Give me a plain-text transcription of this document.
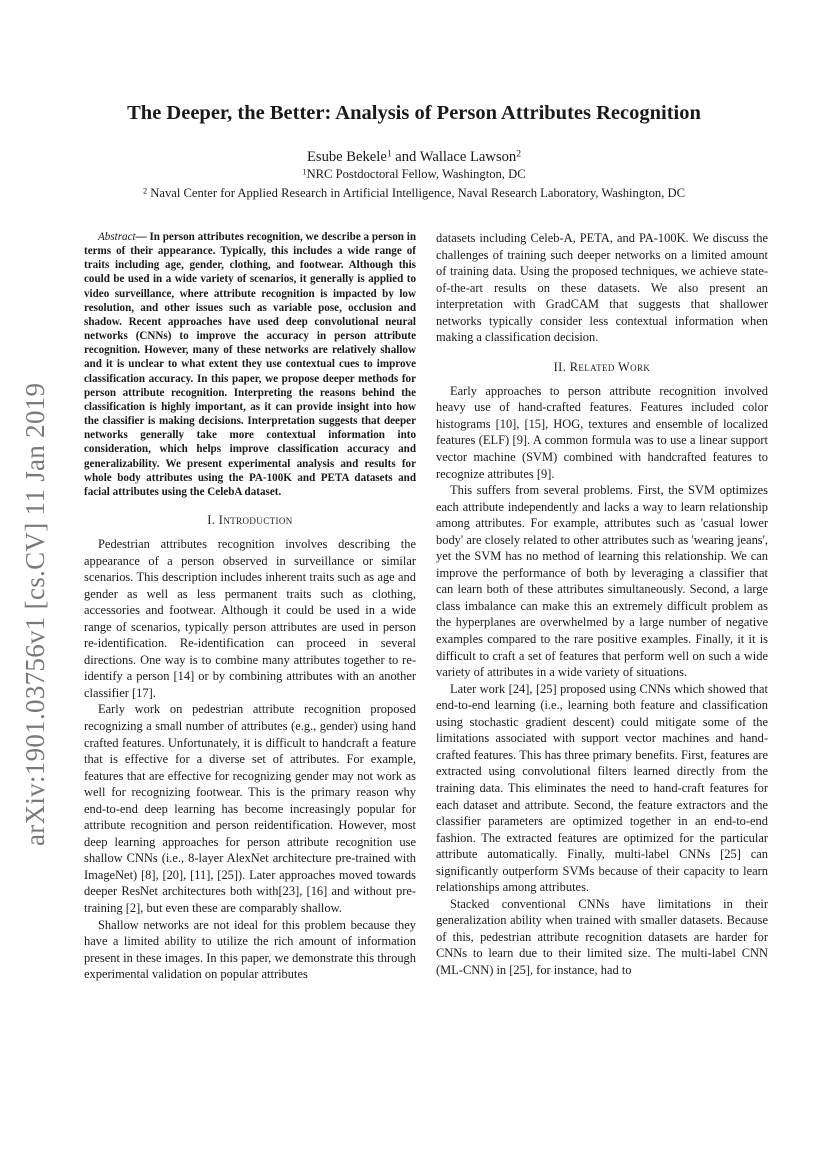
arXiv:1901.03756v1 [cs.CV] 11 Jan 2019
The Deeper, the Better: Analysis of Person Attributes Recognition
Esube Bekele$^1$ and Wallace Lawson$^2$
$^1$NRC Postdoctoral Fellow, Washington, DC
$^2$ Naval Center for Applied Research in Artificial Intelligence, Naval Research Laboratory, Washington, DC

Abstract— In person attributes recognition, we describe a person in terms of their appearance. Typically, this includes a wide range of traits including age, gender, clothing, and footwear. Although this could be used in a wide variety of scenarios, it generally is applied to video surveillance, where attribute recognition is impacted by low resolution, and other issues such as variable pose, occlusion and shadow. Recent approaches have used deep convolutional neural networks (CNNs) to improve the accuracy in person attribute recognition. However, many of these networks are relatively shallow and it is unclear to what extent they use contextual cues to improve classification accuracy. In this paper, we propose deeper methods for person attribute recognition. Interpreting the reasons behind the classification is highly important, as it can provide insight into how the classifier is making decisions. Interpretation suggests that deeper networks generally take more contextual information into consideration, which helps improve classification accuracy and generalizability. We present experimental analysis and results for whole body attributes using the PA-100K and PETA datasets and facial attributes using the CelebA dataset.

I. Introduction

Pedestrian attributes recognition involves describing the appearance of a person observed in surveillance or similar scenarios. This description includes inherent traits such as age and gender as well as less permanent traits such as clothing, accessories and footwear. Although it could be used in a wide range of scenarios, typically person attributes are used in person re-identification. Re-identification can proceed in several directions. One way is to combine many attributes together to re-identify a person [14] or by combining attributes with an another classifier [17].

Early work on pedestrian attribute recognition proposed recognizing a small number of attributes (e.g., gender) using hand crafted features. Unfortunately, it is difficult to handcraft a feature that is effective for a diverse set of attributes. For example, features that are effective for recognizing gender may not work as well for recognizing footwear. This is the primary reason why end-to-end deep learning has become increasingly popular for attribute recognition and person reidentification. However, most deep learning approaches for person attribute recognition use shallow CNNs (i.e., 8-layer AlexNet architecture pre-trained with ImageNet) [8], [20], [11], [25]). Later approaches moved towards deeper ResNet architectures both with[23], [16] and without pre-training [2], but even these are comparably shallow.

Shallow networks are not ideal for this problem because they have a limited ability to utilize the rich amount of information present in these images. In this paper, we demonstrate this through experimental validation on popular attributes

datasets including Celeb-A, PETA, and PA-100K. We discuss the challenges of training such deeper networks on a limited amount of training data. Using the proposed techniques, we achieve state-of-the-art results on these datasets. We also present an interpretation with GradCAM that suggests that shallower networks typically consider less contextual information when making a classification decision.

II. Related Work

Early approaches to person attribute recognition involved heavy use of hand-crafted features. Features included color histograms [10], [15], HOG, textures and ensemble of localized features (ELF) [9]. A common formula was to use a linear support vector machine (SVM) combined with handcrafted features to recognize attributes [9].

This suffers from several problems. First, the SVM optimizes each attribute independently and lacks a way to learn relationship among attributes. For example, attributes such as 'casual lower body' are closely related to other attributes such as 'wearing jeans', yet the SVM has no method of learning this relationship. We can improve the performance of both by leveraging a classifier that can learn both of these attributes simultaneously. Second, a large class imbalance can make this an extremely difficult problem as the hyperplanes are overwhelmed by a large number of negative examples compared to the rare positive examples. Finally, it it is difficult to craft a set of features that perform well on such a wide variety of attributes in a wide variety of situations.

Later work [24], [25] proposed using CNNs which showed that end-to-end learning (i.e., learning both feature and classification using stochastic gradient descent) could mitigate some of the limitations associated with support vector machines and hand-crafted features. This has three primary benefits. First, features are extracted using convolutional filters learned directly from the training data. This eliminates the need to hand-craft features for each dataset and attribute. Second, the feature extractors and the classifier parameters are optimized together in an end-to-end fashion. The extracted features are optimized for the particular attribute automatically. Finally, multi-label CNNs [25] can significantly outperform SVMs because of their capacity to learn relationships among attributes.

Stacked conventional CNNs have limitations in their generalization ability when trained with smaller datasets. Because of this, pedestrian attribute recognition datasets are harder for CNNs to learn due to their limited size. The multi-label CNN (ML-CNN) in [25], for instance, had to
